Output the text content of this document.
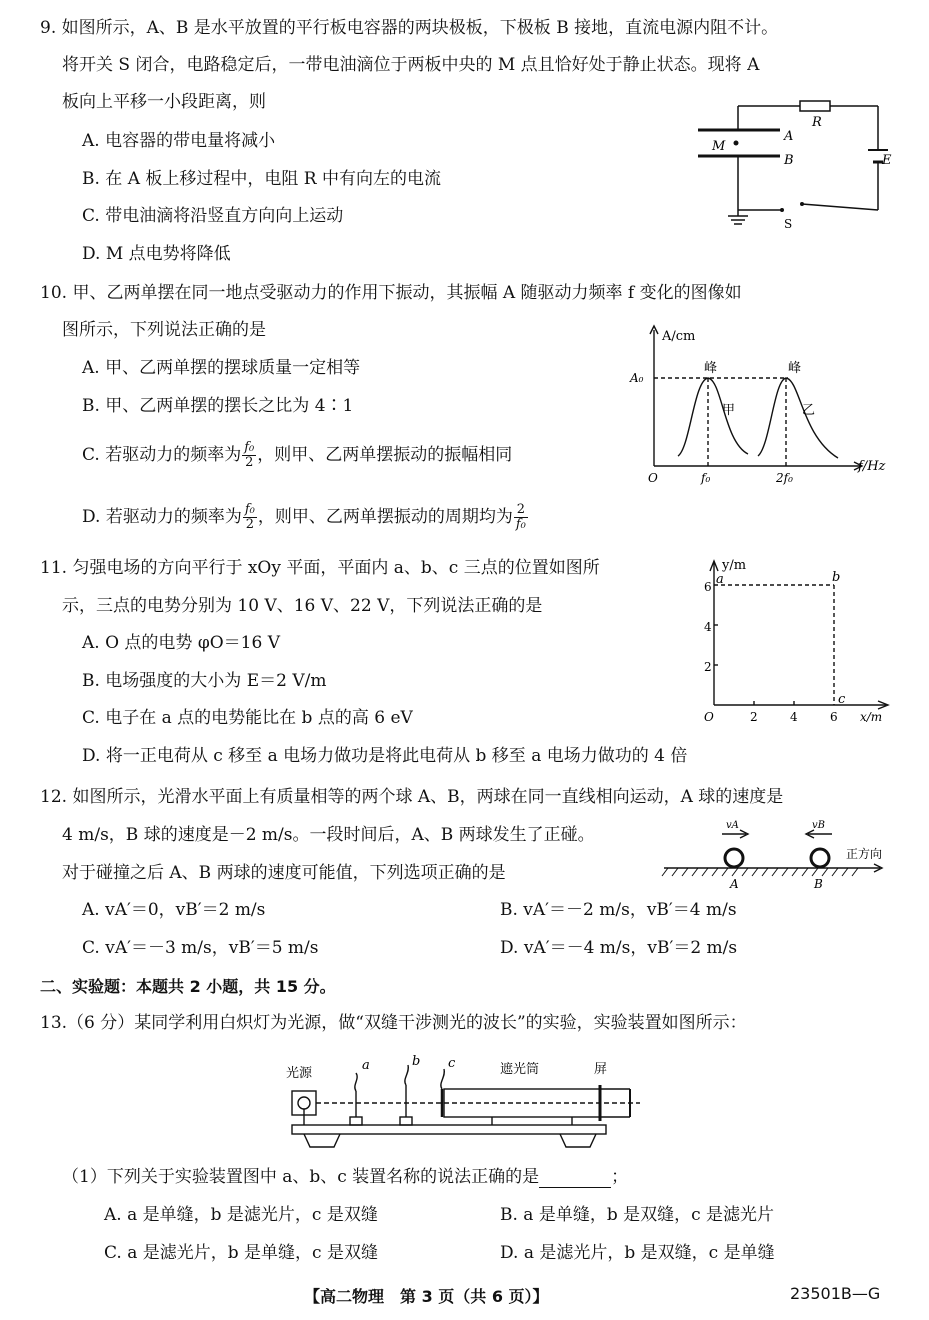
9. 如图所示，A、B 是水平放置的平行板电容器的两块极板，下极板 B 接地，直流电源内阻不计。
将开关 S 闭合，电路稳定后，一带电油滴位于两板中央的 M 点且恰好处于静止状态。现将 A
板向上平移一小段距离，则
A. 电容器的带电量将减小
B. 在 A 板上移过程中，电阻 R 中有向左的电流
C. 带电油滴将沿竖直方向向上运动
D. M 点电势将降低
A
B
M
R
E
S
10. 甲、乙两单摆在同一地点受驱动力的作用下振动，其振幅 A 随驱动力频率 f 变化的图像如
图所示，下列说法正确的是
A. 甲、乙两单摆的摆球质量一定相等
B. 甲、乙两单摆的摆长之比为 4∶1
C. 若驱动力的频率为 $\frac{\text{f₀}}{2}$ ，则甲、乙两单摆振动的振幅相同
D. 若驱动力的频率为 $\frac{\text{f₀}}{2}$ ，则甲、乙两单摆振动的周期均为 $\frac{2}{\text{f₀}}$
A/cm
A₀
峰	峰
甲	乙
O	f₀	2f₀
f/Hz
11. 匀强电场的方向平行于 xOy 平面，平面内 a、b、c 三点的位置如图所
示，三点的电势分别为 10 V、16 V、22 V，下列说法正确的是
A. O 点的电势 φO＝16 V
B. 电场强度的大小为 E＝2 V/m
C. 电子在 a 点的电势能比在 b 点的高 6 eV
D. 将一正电荷从 c 移至 a 电场力做功是将此电荷从 b 移至 a 电场力做功的 4 倍
y/m
6
4
2
a	b
c
O	2	4	6 x/m
12. 如图所示，光滑水平面上有质量相等的两个球 A、B，两球在同一直线相向运动，A 球的速度是
4 m/s，B 球的速度是－2 m/s。一段时间后，A、B 两球发生了正碰。
对于碰撞之后 A、B 两球的速度可能值，下列选项正确的是
A. vA′＝0，vB′＝2 m/s	B. vA′＝－2 m/s，vB′＝4 m/s
C. vA′＝－3 m/s，vB′＝5 m/s	D. vA′＝－4 m/s，vB′＝2 m/s
vA	vB
A	B
正方向
二、实验题：本题共 2 小题，共 15 分。
13.（6 分）某同学利用白炽灯为光源，做“双缝干涉测光的波长”的实验，实验装置如图所示：
光源
a	b c	遮光筒	屏
（1）下列关于实验装置图中 a、b、c 装置名称的说法正确的是	；
A. a 是单缝，b 是滤光片，c 是双缝	B. a 是单缝，b 是双缝，c 是滤光片
C. a 是滤光片，b 是单缝，c 是双缝	D. a 是滤光片，b 是双缝，c 是单缝
【高二物理　第 3 页（共 6 页）】	23501B—G
